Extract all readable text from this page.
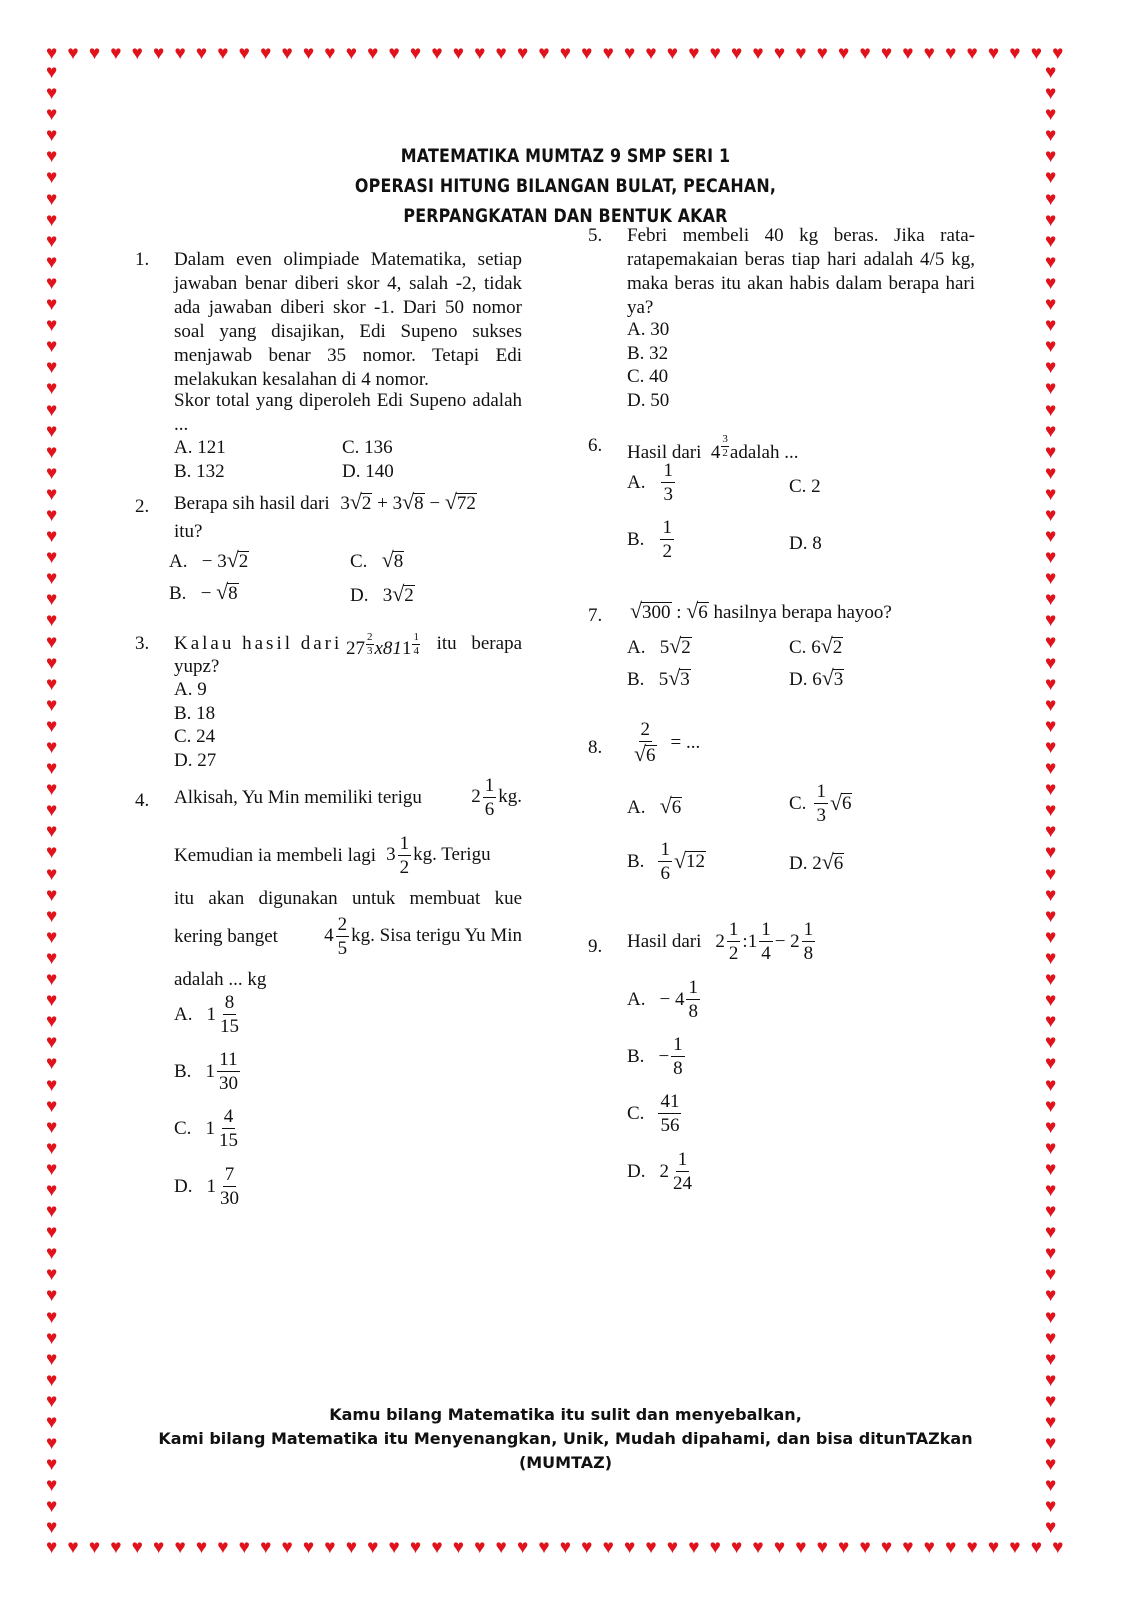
♥ ♥ ♥ ♥ ♥ ♥ ♥ ♥ ♥ ♥ ♥ ♥ ♥ ♥ ♥ ♥ ♥ ♥ ♥ ♥ ♥ ♥ ♥ ♥ ♥ ♥ ♥ ♥ ♥ ♥ ♥ ♥ ♥ ♥ ♥ ♥ ♥ ♥ ♥ ♥ ♥ ♥ ♥ ♥ ♥ ♥ ♥ ♥
♥ ♥ ♥ ♥ ♥ ♥ ♥ ♥ ♥ ♥ ♥ ♥ ♥ ♥ ♥ ♥ ♥ ♥ ♥ ♥ ♥ ♥ ♥ ♥ ♥ ♥ ♥ ♥ ♥ ♥ ♥ ♥ ♥ ♥ ♥ ♥ ♥ ♥ ♥ ♥ ♥ ♥ ♥ ♥ ♥ ♥ ♥ ♥
♥
♥
♥
♥
♥
♥
♥
♥
♥
♥
♥
♥
♥
♥
♥
♥
♥
♥
♥
♥
♥
♥
♥
♥
♥
♥
♥
♥
♥
♥
♥
♥
♥
♥
♥
♥
♥
♥
♥
♥
♥
♥
♥
♥
♥
♥
♥
♥
♥
♥
♥
♥
♥
♥
♥
♥
♥
♥
♥
♥
♥
♥
♥
♥
♥
♥
♥
♥
♥
♥
♥
♥
♥
♥
♥
♥
♥
♥
♥
♥
♥
♥
♥
♥
♥
♥
♥
♥
♥
♥
♥
♥
♥
♥
♥
♥
♥
♥
♥
♥
♥
♥
♥
♥
♥
♥
♥
♥
♥
♥
♥
♥
♥
♥
♥
♥
♥
♥
♥
♥
♥
♥
♥
♥
♥
♥
♥
♥
♥
♥
♥
♥
♥
♥
♥
♥
♥
♥
♥
♥
MATEMATIKA MUMTAZ 9 SMP SERI 1
OPERASI HITUNG BILANGAN BULAT, PECAHAN,
PERPANGKATAN DAN BENTUK AKAR
1. Dalam even olimpiade Matematika, setiap jawaban benar diberi skor 4, salah -2, tidak ada jawaban diberi skor -1. Dari 50 nomor soal yang disajikan, Edi Supeno sukses menjawab benar 35 nomor. Tetapi Edi melakukan kesalahan di 4 nomor.
Skor total yang diperoleh Edi Supeno adalah ...
A. 121
B. 132
C. 136
D. 140
2. Berapa sih hasil dari 3 √ 2 + 3 √ 8 − √ 72
itu?
A.   − 3 √ 2
B.   − √ 8
C. √ 8
D.   3 √ 2
3. Kalau hasil dari $27 \frac{2}{3} x811 \frac{1}{4}$ itu berapa
yupz?
A. 9
B. 18
C. 24
D. 27
4. Alkisah, Yu Min memiliki terigu	$2 \frac{1}{6}$ kg.
Kemudian ia membeli lagi $3 \frac{1}{2}$ kg. Terigu
itu akan digunakan untuk membuat kue
kering banget $4 \frac{2}{5}$ kg. Sisa terigu Yu Min
adalah ... kg
A. $1 \frac{8}{15}$
B. $1 \frac{11}{30}$
C. $1 \frac{4}{15}$
D. $1 \frac{7}{30}$
5. Febri membeli 40 kg beras. Jika rata-ratapemakaian beras tiap hari adalah 4/5 kg, maka beras itu akan habis dalam berapa hari ya?
A. 30
B. 32
C. 40
D. 50
6. Hasil dari  $4 \frac{3}{2}$ adalah ...
A. $\frac{1}{3}$
B. $\frac{1}{2}$
C. 2
D. 8
7. √ 300 : √ 6 hasilnya berapa hayoo?
A.   5 √ 2
B.   5 √ 3
C. 6 √ 2
D. 6 √ 3
8. $\frac{2}{√ 6}$ = ...
A. √ 6
B. $\frac{1}{6}$ √ 12
C. $\frac{1}{3}$ √ 6
D. 2 √ 6
9. Hasil dari $2 \frac{1}{2}$ : $1 \frac{1}{4} - 2 \frac{1}{8}$
A. − $4 \frac{1}{8}$
B. − $\frac{1}{8}$
C. $\frac{41}{56}$
D. $2 \frac{1}{24}$
Kamu bilang Matematika itu sulit dan menyebalkan,
Kami bilang Matematika itu Menyenangkan, Unik, Mudah dipahami, dan bisa ditunTAZkan
(MUMTAZ)
